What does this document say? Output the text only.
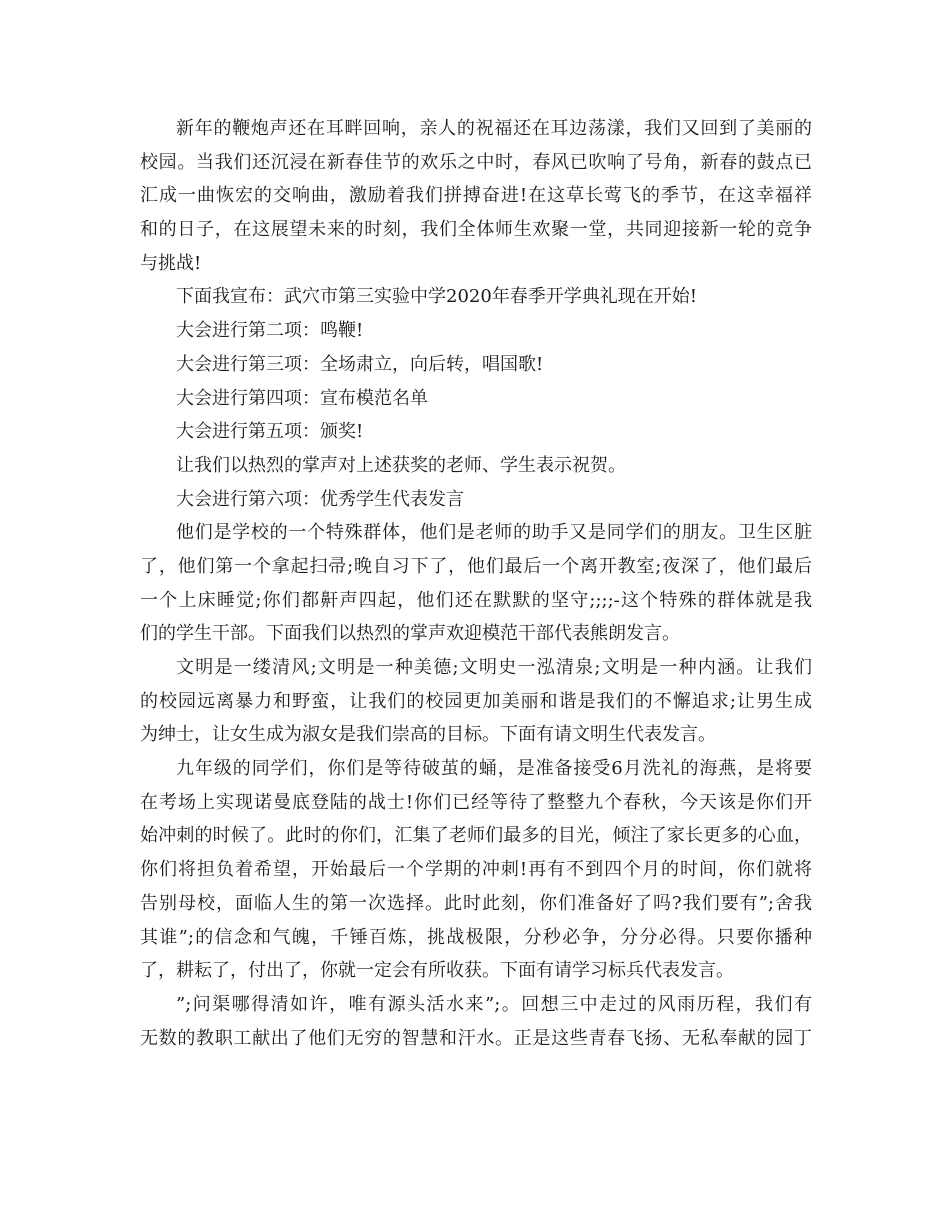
新年的鞭炮声还在耳畔回响，亲人的祝福还在耳边荡漾，我们又回到了美丽的
校园。当我们还沉浸在新春佳节的欢乐之中时，春风已吹响了号角，新春的鼓点已
汇成一曲恢宏的交响曲，激励着我们拼搏奋进!在这草长莺飞的季节，在这幸福祥
和的日子，在这展望未来的时刻，我们全体师生欢聚一堂，共同迎接新一轮的竞争
与挑战!
下面我宣布：武穴市第三实验中学2020年春季开学典礼现在开始!
大会进行第二项：鸣鞭!
大会进行第三项：全场肃立，向后转，唱国歌!
大会进行第四项：宣布模范名单
大会进行第五项：颁奖!
让我们以热烈的掌声对上述获奖的老师、学生表示祝贺。
大会进行第六项：优秀学生代表发言
他们是学校的一个特殊群体，他们是老师的助手又是同学们的朋友。卫生区脏
了，他们第一个拿起扫帚;晚自习下了，他们最后一个离开教室;夜深了，他们最后
一个上床睡觉;你们都鼾声四起，他们还在默默的坚守;;;;-这个特殊的群体就是我
们的学生干部。下面我们以热烈的掌声欢迎模范干部代表熊朗发言。
文明是一缕清风;文明是一种美德;文明史一泓清泉;文明是一种内涵。让我们
的校园远离暴力和野蛮，让我们的校园更加美丽和谐是我们的不懈追求;让男生成
为绅士，让女生成为淑女是我们崇高的目标。下面有请文明生代表发言。
九年级的同学们，你们是等待破茧的蛹，是准备接受6月洗礼的海燕，是将要
在考场上实现诺曼底登陆的战士!你们已经等待了整整九个春秋，今天该是你们开
始冲刺的时候了。此时的你们，汇集了老师们最多的目光，倾注了家长更多的心血，
你们将担负着希望，开始最后一个学期的冲刺!再有不到四个月的时间，你们就将
告别母校，面临人生的第一次选择。此时此刻，你们准备好了吗?我们要有”;舍我
其谁”;的信念和气魄，千锤百炼，挑战极限，分秒必争，分分必得。只要你播种
了，耕耘了，付出了，你就一定会有所收获。下面有请学习标兵代表发言。
”;问渠哪得清如许，唯有源头活水来”;。回想三中走过的风雨历程，我们有
无数的教职工献出了他们无穷的智慧和汗水。正是这些青春飞扬、无私奉献的园丁
